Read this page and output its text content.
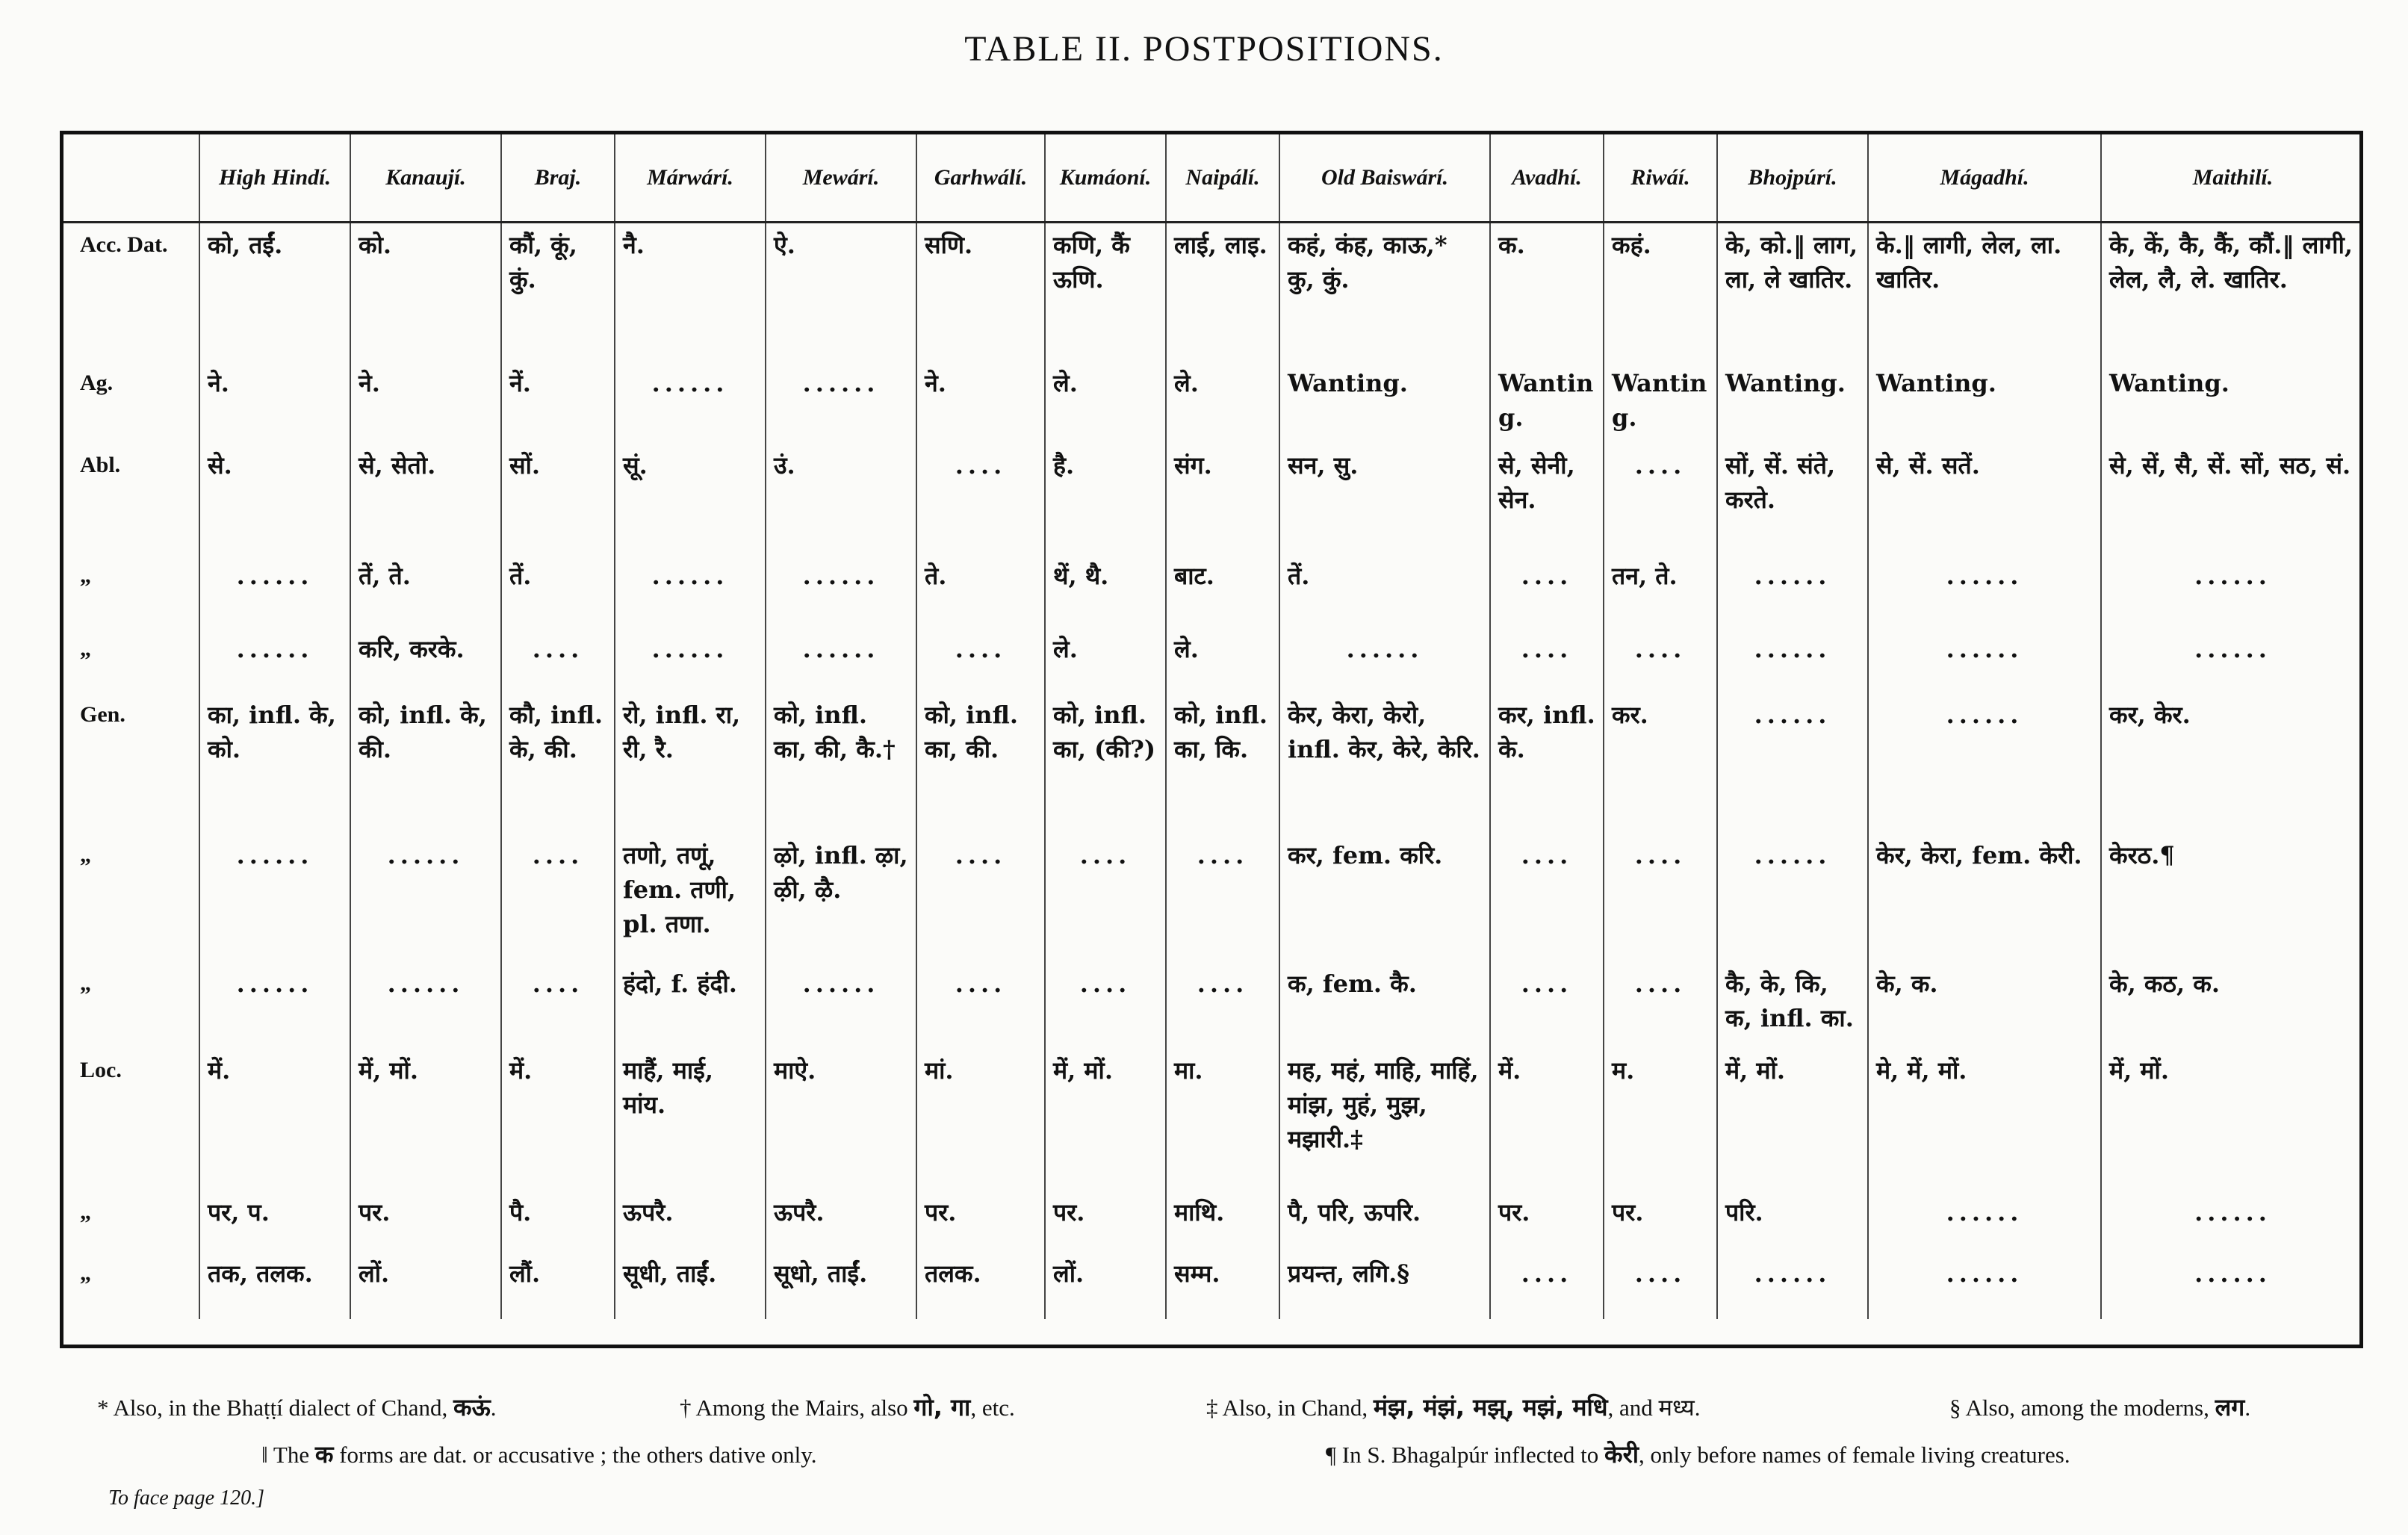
TABLE II. POSTPOSITIONS.
	High Hindí.	Kanaují.	Braj.	Márwárí.	Mewárí.	Garhwálí.	Kumáoní.	Naipálí.	Old Baiswárí.	Avadhí.	Riwáí.	Bhojpúrí.	Mágadhí.	Maithilí.
Acc. Dat.	को, तईं.	को.	कौं, कूं, कुं.	नै.	ऐ.	सणि.	कणि, कैं ऊणि.	लाई, लाइ.	कहं, कंह, काऊ,* कु, कुं.	क.	कहं.	के, को.‖ लाग, ला, ले खातिर.	के.‖ लागी, लेल, ला. खातिर.	के, कें, कै, कैं, कौं.‖ लागी, लेल, लै, ले. खातिर.
Ag.	ने.	ने.	नें.	......	......	ने.	ले.	ले.	Wanting.	Wanting.	Wanting.	Wanting.	Wanting.	Wanting.
Abl.	से.	से, सेतो.	सों.	सूं.	उं.	....	है.	संग.	सन, सु.	से, सेनी, सेन.	....	सों, सें. संते, करते.	से, सें. सतें.	से, सें, सै, सें. सों, सठ, सं.
„	......	तें, ते.	तें.	......	......	ते.	थें, थै.	बाट.	तें.	....	तन, ते.	......	......	......
„	......	करि, करके.	....	......	......	....	ले.	ले.	......	....	....	......	......	......
Gen.	का, infl. के, को.	को, infl. के, की.	कौ, infl. के, की.	रो, infl. रा, री, रै.	को, infl. का, की, कै.†	को, infl. का, की.	को, infl. का, (की?)	को, infl. का, कि.	केर, केरा, केरो, infl. केर, केरे, केरि.	कर, infl. के.	कर.	......	......	कर, केर.
„	......	......	....	तणो, तणूं, fem. तणी, pl. तणा.	ऴो, infl. ऴा, ऴी, ऴै.	....	....	....	कर, fem. करि.	....	....	......	केर, केरा, fem. केरी.	केरठ.¶
„	......	......	....	हंदो, f. हंदी.	......	....	....	....	क, fem. कै.	....	....	कै, के, कि, क, infl. का.	के, क.	के, कठ, क.
Loc.	में.	में, मों.	में.	माहैं, माई, मांय.	माऐ.	मां.	में, मों.	मा.	मह, महं, माहि, माहिं, मांझ, मुहं, मुझ, मझारी.‡	में.	म.	में, मों.	मे, में, मों.	में, मों.
„	पर, प.	पर.	पै.	ऊपरै.	ऊपरै.	पर.	पर.	माथि.	पै, परि, ऊपरि.	पर.	पर.	परि.	......	......
„	तक, तलक.	लों.	लौं.	सूधी, ताईं.	सूधो, ताईं.	तलक.	लों.	सम्म.	प्रयन्त, लगि.§	....	....	......	......	......
* Also, in the Bhaṭṭí dialect of Chand, कऊं.	† Among the Mairs, also गो, गा, etc.	‡ Also, in Chand, मंझ, मंझं, मझ्, मझं, मधि, and मध्य.	§ Also, among the moderns, लग.
‖ The क forms are dat. or accusative ; the others dative only.	¶ In S. Bhagalpúr inflected to केरी, only before names of female living creatures.
To face page 120.]
